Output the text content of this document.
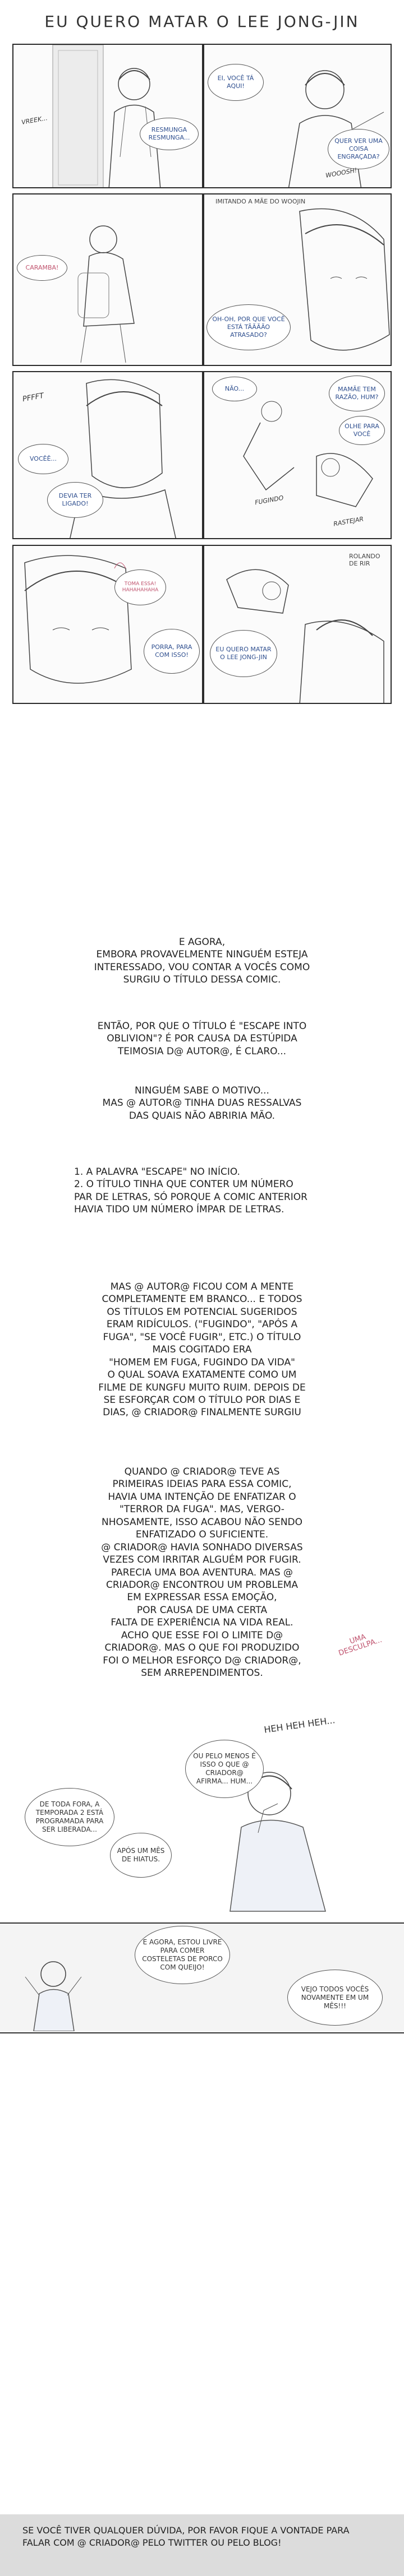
EU QUERO MATAR O LEE JONG-JIN
VREEK...
RESMUNGA RESMUNGA...
EI, VOCÊ TÁ AQUI!
QUER VER UMA COISA ENGRAÇADA?
WOOOSH!
CARAMBA!
IMITANDO A MÃE DO WOOJIN
OH-OH, POR QUE VOCÊ ESTÁ TÃÃÃÃO ATRASADO?
PFFFT
VOCÊÊ...
DEVIA TER LIGADO!
NÃO...	MAMÃE TEM RAZÃO, HUM?
OLHE PARA VOCÊ
FUGINDO
RASTEJAR
TOMA ESSA! HAHAHAHAHA
PORRA, PARA COM ISSO!
ROLANDO DE RIR
EU QUERO MATAR O LEE JONG-JIN
E AGORA,
EMBORA PROVAVELMENTE NINGUÉM ESTEJA
INTERESSADO, VOU CONTAR A VOCÊS COMO
SURGIU O TÍTULO DESSA COMIC.
ENTÃO, POR QUE O TÍTULO É "ESCAPE INTO
OBLIVION"? É POR CAUSA DA ESTÚPIDA
TEIMOSIA D@ AUTOR@, É CLARO...
NINGUÉM SABE O MOTIVO...
MAS @ AUTOR@ TINHA DUAS RESSALVAS
DAS QUAIS NÃO ABRIRIA MÃO.
1. A PALAVRA "ESCAPE" NO INÍCIO.
2. O TÍTULO TINHA QUE CONTER UM NÚMERO
PAR DE LETRAS, SÓ PORQUE A COMIC ANTERIOR
HAVIA TIDO UM NÚMERO ÍMPAR DE LETRAS.
MAS @ AUTOR@ FICOU COM A MENTE
COMPLETAMENTE EM BRANCO... E TODOS
OS TÍTULOS EM POTENCIAL SUGERIDOS
ERAM RIDÍCULOS. ("FUGINDO", "APÓS A
FUGA", "SE VOCÊ FUGIR", ETC.) O TÍTULO
MAIS COGITADO ERA
"HOMEM EM FUGA, FUGINDO DA VIDA"
O QUAL SOAVA EXATAMENTE COMO UM
FILME DE KUNGFU MUITO RUIM. DEPOIS DE
SE ESFORÇAR COM O TÍTULO POR DIAS E
DIAS, @ CRIADOR@ FINALMENTE SURGIU
QUANDO @ CRIADOR@ TEVE AS
PRIMEIRAS IDEIAS PARA ESSA COMIC,
HAVIA UMA INTENÇÃO DE ENFATIZAR O
"TERROR DA FUGA". MAS, VERGO-
NHOSAMENTE, ISSO ACABOU NÃO SENDO
ENFATIZADO O SUFICIENTE.
@ CRIADOR@ HAVIA SONHADO DIVERSAS
VEZES COM IRRITAR ALGUÉM POR FUGIR.
PARECIA UMA BOA AVENTURA. MAS @
CRIADOR@ ENCONTROU UM PROBLEMA
EM EXPRESSAR ESSA EMOÇÃO,
POR CAUSA DE UMA CERTA
FALTA DE EXPERIÊNCIA NA VIDA REAL.
ACHO QUE ESSE FOI O LIMITE D@
CRIADOR@. MAS O QUE FOI PRODUZIDO
FOI O MELHOR ESFORÇO D@ CRIADOR@,
SEM ARREPENDIMENTOS.
UMA DESCULPA...
HEH HEH HEH...
OU PELO MENOS É ISSO O QUE @ CRIADOR@ AFIRMA... HUM...
DE TODA FORA, A TEMPORADA 2 ESTÁ PROGRAMADA PARA SER LIBERADA...
APÓS UM MÊS DE HIATUS.
E AGORA, ESTOU LIVRE PARA COMER COSTELETAS DE PORCO COM QUEIJO!
VEJO TODOS VOCÊS NOVAMENTE EM UM MÊS!!!
SE VOCÊ TIVER QUALQUER DÚVIDA, POR FAVOR FIQUE A VONTADE PARA FALAR COM @ CRIADOR@ PELO TWITTER OU PELO BLOG!
